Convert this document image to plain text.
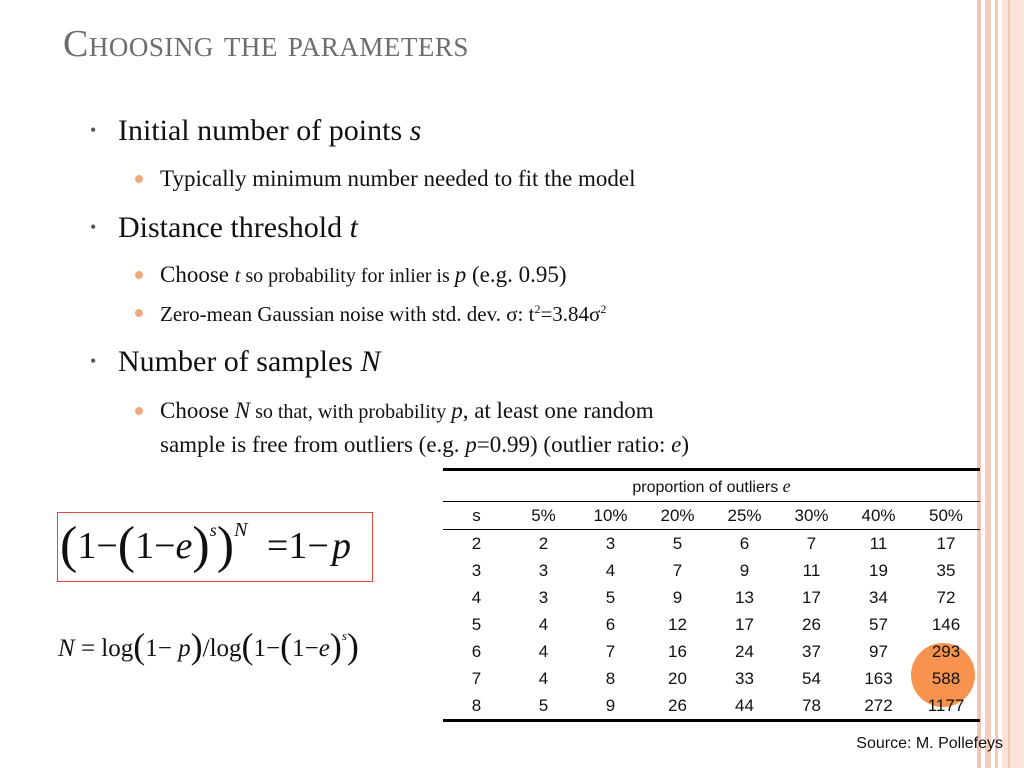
Choosing the parameters
• Initial number of points s
Typically minimum number needed to fit the model
• Distance threshold t
Choose t so probability for inlier is p (e.g. 0.95)
Zero-mean Gaussian noise with std. dev. σ: $t^2=3.84\sigma^2$
• Number of samples N
Choose N so that, with probability p, at least one random
sample is free from outliers (e.g. p=0.99) (outlier ratio: e)
$(1-(1-e)^s)^N =1-$ p
$N = \log(1- p)/\log(1-(1-e)^s)$
proportion of outliers e							
s	5%	10%	20%	25%	30%	40%	50%
2	2	3	5	6	7	11	17
3	3	4	7	9	11	19	35
4	3	5	9	13	17	34	72
5	4	6	12	17	26	57	146
6	4	7	16	24	37	97	293
7	4	8	20	33	54	163	588
8	5	9	26	44	78	272	1177
Source: M. Pollefeys
